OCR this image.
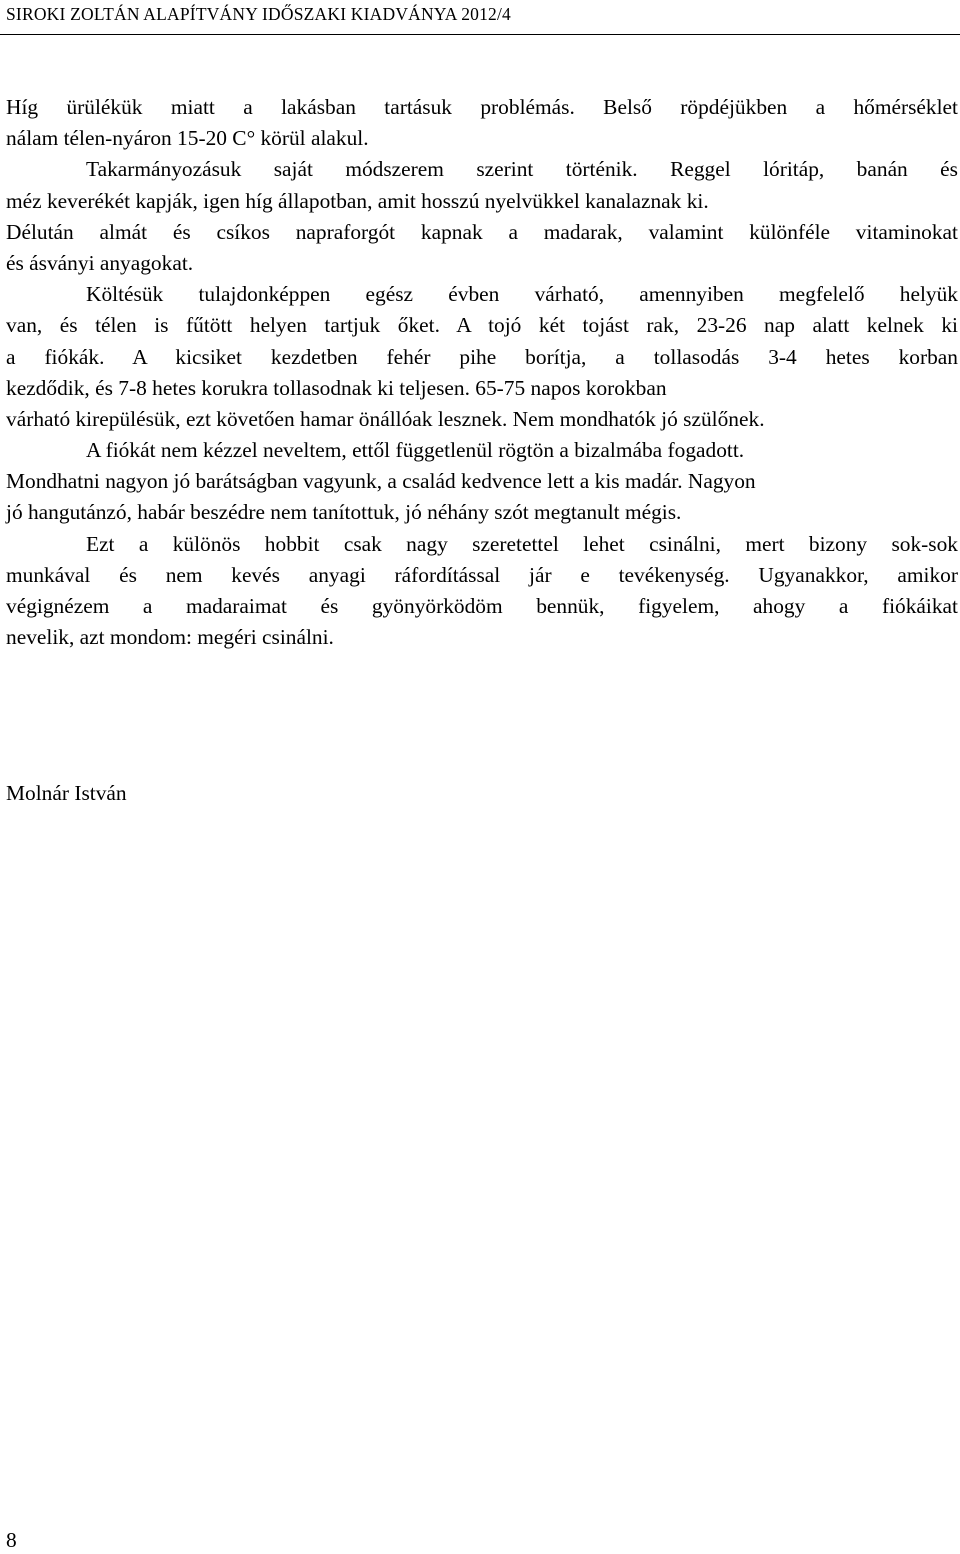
SIROKI ZOLTÁN ALAPÍTVÁNY IDŐSZAKI KIADVÁNYA 2012/4
Híg ürülékük miatt a lakásban tartásuk problémás. Belső röpdéjükben a hőmérséklet
nálam télen-nyáron 15-20 C° körül alakul.
Takarmányozásuk saját módszerem szerint történik. Reggel lóritáp, banán és
méz keverékét kapják, igen híg állapotban, amit hosszú nyelvükkel kanalaznak ki.
Délután almát és csíkos napraforgót kapnak a madarak, valamint különféle vitaminokat
és ásványi anyagokat.
Költésük tulajdonképpen egész évben várható, amennyiben megfelelő helyük
van, és télen is fűtött helyen tartjuk őket. A tojó két tojást rak, 23-26 nap alatt kelnek ki
a fiókák. A kicsiket kezdetben fehér pihe borítja, a tollasodás 3-4 hetes korban
kezdődik, és 7-8 hetes korukra tollasodnak ki teljesen. 65-75 napos korokban
várható kirepülésük, ezt követően hamar önállóak lesznek. Nem mondhatók jó szülőnek.
A fiókát nem kézzel neveltem, ettől függetlenül rögtön a bizalmába fogadott.
Mondhatni nagyon jó barátságban vagyunk, a család kedvence lett a kis madár. Nagyon
jó hangutánzó, habár beszédre nem tanítottuk, jó néhány szót megtanult mégis.
Ezt a különös hobbit csak nagy szeretettel lehet csinálni, mert bizony sok-sok
munkával és nem kevés anyagi ráfordítással jár e tevékenység. Ugyanakkor, amikor
végignézem a madaraimat és gyönyörködöm bennük, figyelem, ahogy a fiókáikat
nevelik, azt mondom: megéri csinálni.
Molnár István
8
